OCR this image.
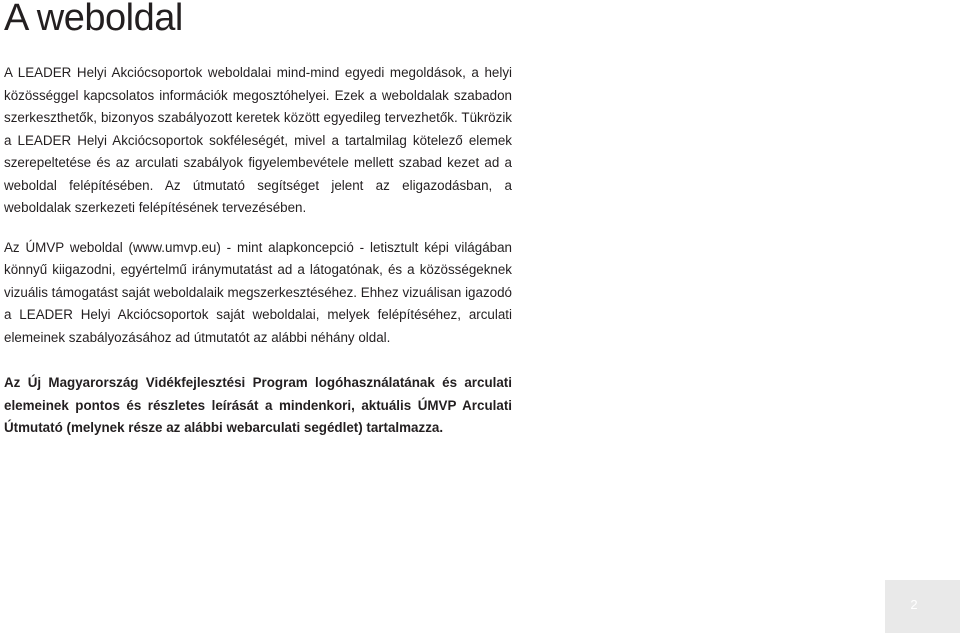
A weboldal

A LEADER Helyi Akciócsoportok weboldalai mind-mind egyedi megoldások, a helyi közösséggel kapcsolatos információk megosztóhelyei. Ezek a weboldalak szabadon szerkeszthetők, bizonyos szabályozott keretek között egyedileg tervezhetők. Tükrözik a LEADER Helyi Akciócsoportok sokféleségét, mivel a tartalmilag kötelező elemek szerepeltetése és az arculati szabályok figyelembevétele mellett szabad kezet ad a weboldal felépítésében. Az útmutató segítséget jelent az eligazodásban, a weboldalak szerkezeti felépítésének tervezésében.

Az ÚMVP weboldal (www.umvp.eu) - mint alapkoncepció - letisztult képi világában könnyű kiigazodni, egyértelmű iránymutatást ad a látogatónak, és a közösségeknek vizuális támogatást saját weboldalaik megszerkesztéséhez. Ehhez vizuálisan igazodó a LEADER Helyi Akciócsoportok saját weboldalai, melyek felépítéséhez, arculati elemeinek szabályozásához ad útmutatót az alábbi néhány oldal.

Az Új Magyarország Vidékfejlesztési Program logóhasználatának és arculati elemeinek pontos és részletes leírását a mindenkori, aktuális ÚMVP Arculati Útmutató (melynek része az alábbi webarculati segédlet) tartalmazza.

2
